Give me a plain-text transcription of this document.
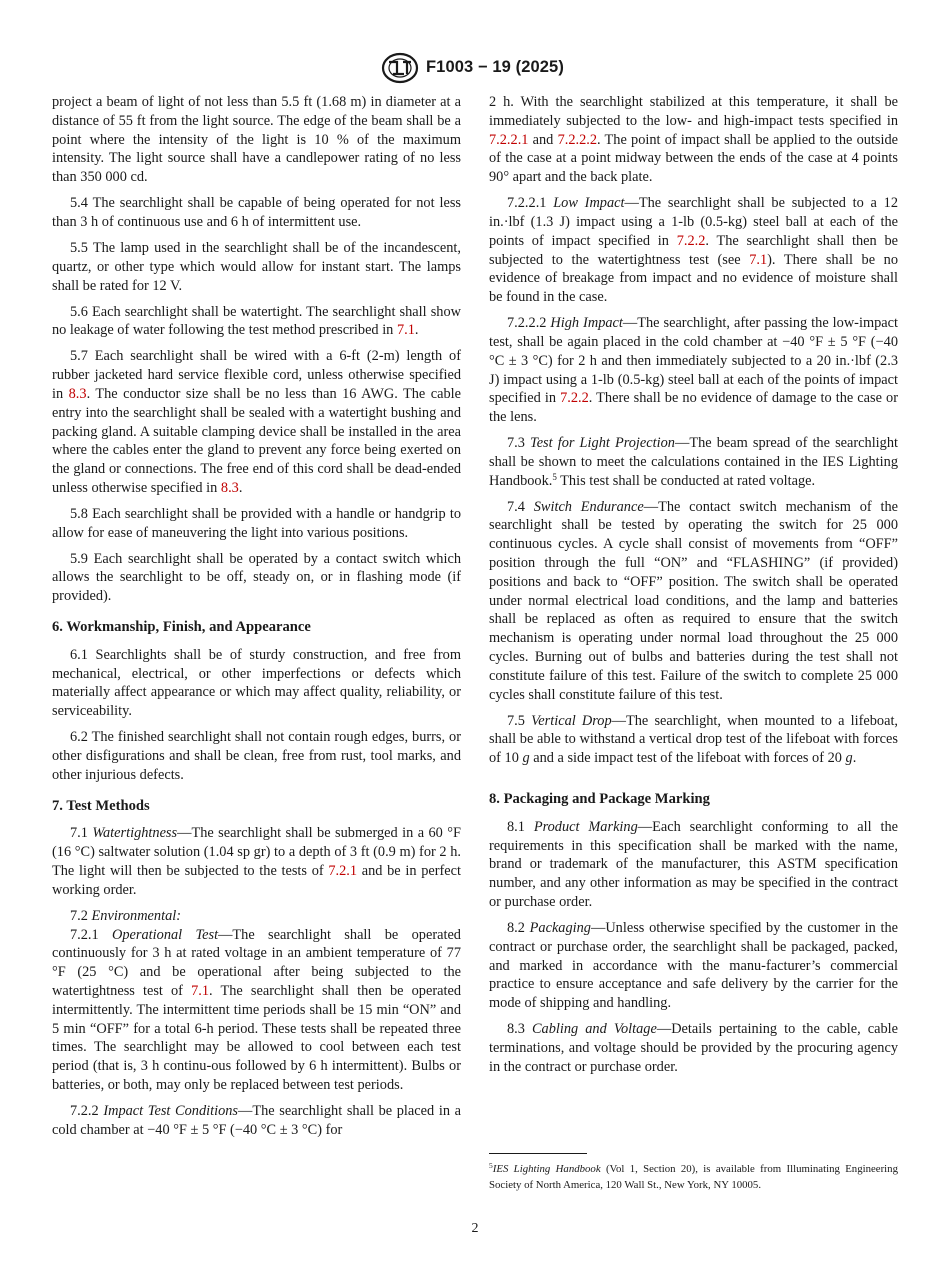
F1003 − 19 (2025)

project a beam of light of not less than 5.5 ft (1.68 m) in diameter at a distance of 55 ft from the light source. The edge of the beam shall be a point where the intensity of the light is 10 % of the maximum intensity. The light source shall have a candlepower rating of no less than 350 000 cd.

5.4 The searchlight shall be capable of being operated for not less than 3 h of continuous use and 6 h of intermittent use.

5.5 The lamp used in the searchlight shall be of the incandescent, quartz, or other type which would allow for instant start. The lamps shall be rated for 12 V.

5.6 Each searchlight shall be watertight. The searchlight shall show no leakage of water following the test method prescribed in 7.1.

5.7 Each searchlight shall be wired with a 6-ft (2-m) length of rubber jacketed hard service flexible cord, unless otherwise specified in 8.3. The conductor size shall be no less than 16 AWG. The cable entry into the searchlight shall be sealed with a watertight bushing and packing gland. A suitable clamping device shall be installed in the area where the cables enter the gland to prevent any force being exerted on the gland or connections. The free end of this cord shall be dead-ended unless otherwise specified in 8.3.

5.8 Each searchlight shall be provided with a handle or handgrip to allow for ease of maneuvering the light into various positions.

5.9 Each searchlight shall be operated by a contact switch which allows the searchlight to be off, steady on, or in flashing mode (if provided).

6. Workmanship, Finish, and Appearance

6.1 Searchlights shall be of sturdy construction, and free from mechanical, electrical, or other imperfections or defects which materially affect appearance or which may affect quality, reliability, or serviceability.

6.2 The finished searchlight shall not contain rough edges, burrs, or other disfigurations and shall be clean, free from rust, tool marks, and other injurious defects.

7. Test Methods

7.1 Watertightness—The searchlight shall be submerged in a 60 °F (16 °C) saltwater solution (1.04 sp gr) to a depth of 3 ft (0.9 m) for 2 h. The light will then be subjected to the tests of 7.2.1 and be in perfect working order.

7.2 Environmental:

7.2.1 Operational Test—The searchlight shall be operated continuously for 3 h at rated voltage in an ambient temperature of 77 °F (25 °C) and be operational after being subjected to the watertightness test of 7.1. The searchlight shall then be operated intermittently. The intermittent time periods shall be 15 min “ON” and 5 min “OFF” for a total 6-h period. These tests shall be repeated three times. The searchlight may be allowed to cool between each test period (that is, 3 h continu-ous followed by 6 h intermittent). Bulbs or batteries, or both, may only be replaced between test periods.

7.2.2 Impact Test Conditions—The searchlight shall be placed in a cold chamber at −40 °F ± 5 °F (−40 °C ± 3 °C) for

2 h. With the searchlight stabilized at this temperature, it shall be immediately subjected to the low- and high-impact tests specified in 7.2.2.1 and 7.2.2.2. The point of impact shall be applied to the outside of the case at a point midway between the ends of the case at 4 points 90° apart and the back plate.

7.2.2.1 Low Impact—The searchlight shall be subjected to a 12 in.·lbf (1.3 J) impact using a 1-lb (0.5-kg) steel ball at each of the points of impact specified in 7.2.2. The searchlight shall then be subjected to the watertightness test (see 7.1). There shall be no evidence of breakage from impact and no evidence of moisture shall be found in the case.

7.2.2.2 High Impact—The searchlight, after passing the low-impact test, shall be again placed in the cold chamber at −40 °F ± 5 °F (−40 °C ± 3 °C) for 2 h and then immediately subjected to a 20 in.·lbf (2.3 J) impact using a 1-lb (0.5-kg) steel ball at each of the points of impact specified in 7.2.2. There shall be no evidence of damage to the case or the lens.

7.3 Test for Light Projection—The beam spread of the searchlight shall be shown to meet the calculations contained in the IES Lighting Handbook.$^5$ This test shall be conducted at rated voltage.

7.4 Switch Endurance—The contact switch mechanism of the searchlight shall be tested by operating the switch for 25 000 continuous cycles. A cycle shall consist of movements from “OFF” position through the full “ON” and “FLASHING” (if provided) positions and back to “OFF” position. The switch shall be operated under normal electrical load conditions, and the lamp and batteries shall be replaced as often as required to ensure that the switch mechanism is operating under normal load throughout the 25 000 cycles. Burning out of bulbs and batteries during the test shall not constitute failure of this test. Failure of the switch to complete 25 000 cycles shall constitute failure of this test.

7.5 Vertical Drop—The searchlight, when mounted to a lifeboat, shall be able to withstand a vertical drop test of the lifeboat with forces of 10 g and a side impact test of the lifeboat with forces of 20 g.

8. Packaging and Package Marking

8.1 Product Marking—Each searchlight conforming to all the requirements in this specification shall be marked with the name, brand or trademark of the manufacturer, this ASTM specification number, and any other information as may be specified in the contract or purchase order.

8.2 Packaging—Unless otherwise specified by the customer in the contract or purchase order, the searchlight shall be packaged, packed, and marked in accordance with the manu-facturer’s commercial practice to ensure acceptance and safe delivery by the carrier for the mode of shipping and handling.

8.3 Cabling and Voltage—Details pertaining to the cable, cable terminations, and voltage should be provided by the procuring agency in the contract or purchase order.

$^5$IES Lighting Handbook (Vol 1, Section 20), is available from Illuminating Engineering Society of North America, 120 Wall St., New York, NY 10005.
2
